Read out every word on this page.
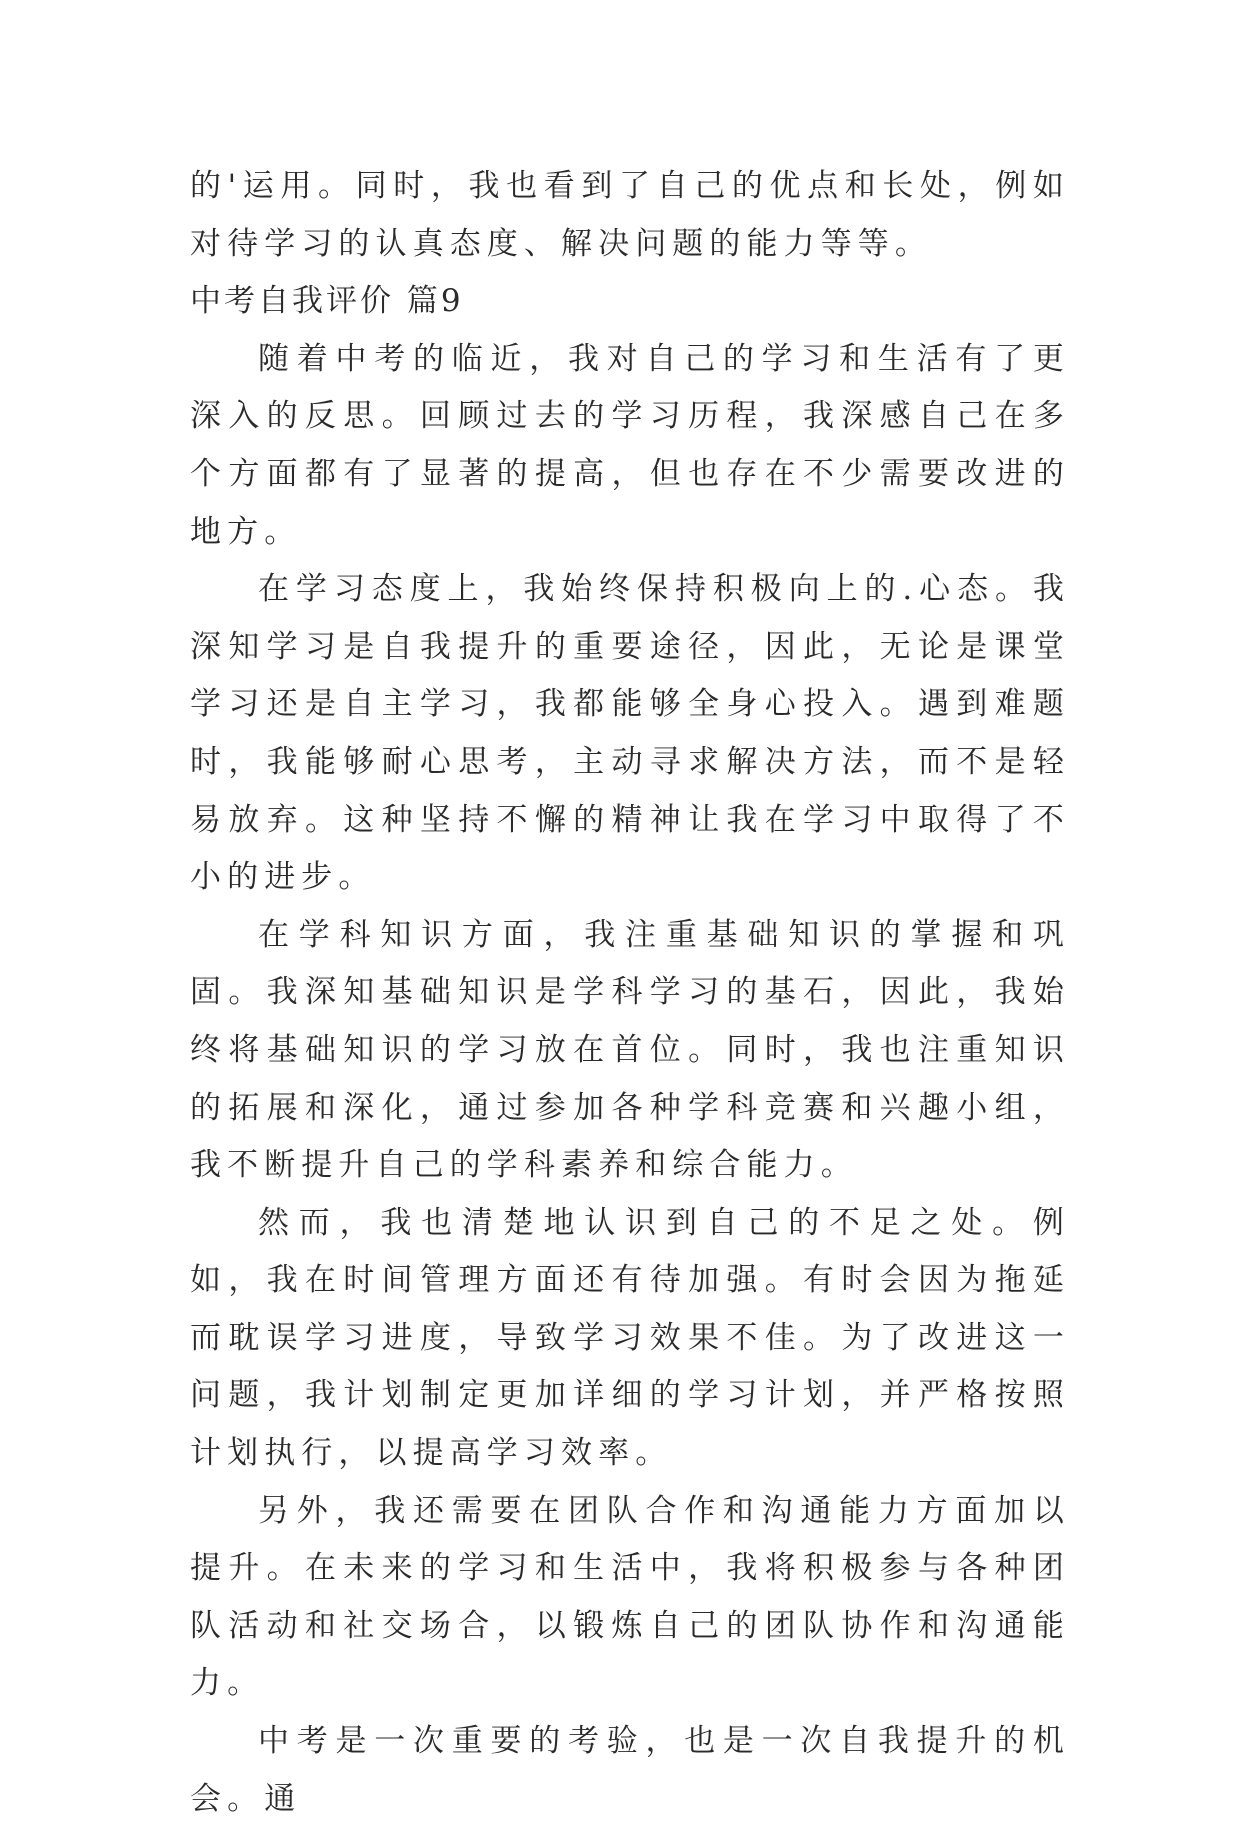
的'运用。同时，我也看到了自己的优点和长处，例如对待学习的认真态度、解决问题的能力等等。

中考自我评价 篇9

随着中考的临近，我对自己的学习和生活有了更深入的反思。回顾过去的学习历程，我深感自己在多个方面都有了显著的提高，但也存在不少需要改进的地方。

在学习态度上，我始终保持积极向上的.心态。我深知学习是自我提升的重要途径，因此，无论是课堂学习还是自主学习，我都能够全身心投入。遇到难题时，我能够耐心思考，主动寻求解决方法，而不是轻易放弃。这种坚持不懈的精神让我在学习中取得了不小的进步。

在学科知识方面，我注重基础知识的掌握和巩固。我深知基础知识是学科学习的基石，因此，我始终将基础知识的学习放在首位。同时，我也注重知识的拓展和深化，通过参加各种学科竞赛和兴趣小组，我不断提升自己的学科素养和综合能力。

然而，我也清楚地认识到自己的不足之处。例如，我在时间管理方面还有待加强。有时会因为拖延而耽误学习进度，导致学习效果不佳。为了改进这一问题，我计划制定更加详细的学习计划，并严格按照计划执行，以提高学习效率。

另外，我还需要在团队合作和沟通能力方面加以提升。在未来的学习和生活中，我将积极参与各种团队活动和社交场合，以锻炼自己的团队协作和沟通能力。

中考是一次重要的考验，也是一次自我提升的机会。通
